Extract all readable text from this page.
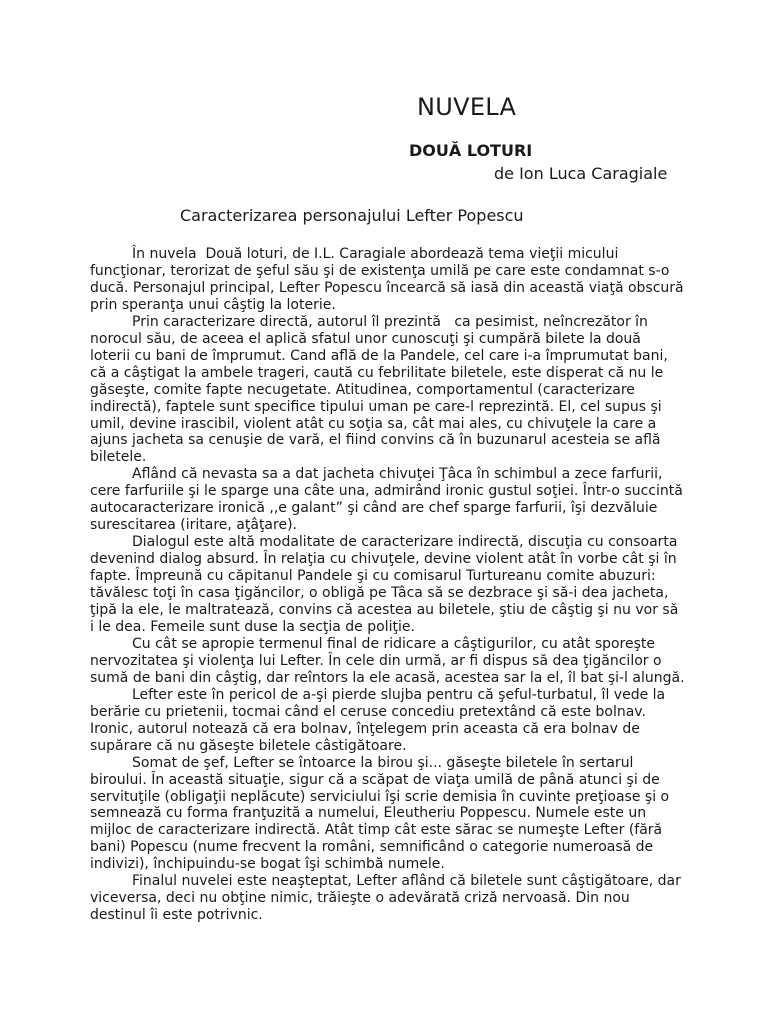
NUVELA
DOUĂ LOTURI

de Ion Luca Caragiale

Caracterizarea personajului Lefter Popescu
În nuvela  Două loturi, de I.L. Caragiale abordează tema vieţii micului
funcţionar, terorizat de şeful său şi de existenţa umilă pe care este condamnat s-o
ducă. Personajul principal, Lefter Popescu încearcă să iasă din această viaţă obscură
prin speranţa unui câştig la loterie.
Prin caracterizare directă, autorul îl prezintă   ca pesimist, neîncrezător în
norocul său, de aceea el aplică sfatul unor cunoscuţi şi cumpără bilete la două
loterii cu bani de împrumut. Cand află de la Pandele, cel care i-a împrumutat bani,
că a câştigat la ambele trageri, caută cu febrilitate biletele, este disperat că nu le
găseşte, comite fapte necugetate. Atitudinea, comportamentul (caracterizare
indirectă), faptele sunt specifice tipului uman pe care-l reprezintă. El, cel supus şi
umil, devine irascibil, violent atât cu soţia sa, cât mai ales, cu chivuţele la care a
ajuns jacheta sa cenuşie de vară, el fiind convins că în buzunarul acesteia se află
biletele.
Aflând că nevasta sa a dat jacheta chivuţei Ţâca în schimbul a zece farfurii,
cere farfuriile şi le sparge una câte una, admirând ironic gustul soţiei. Într-o succintă
autocaracterizare ironică ,,e galant” şi când are chef sparge farfurii, îşi dezvăluie
surescitarea (iritare, aţâţare).
Dialogul este altă modalitate de caracterizare indirectă, discuţia cu consoarta
devenind dialog absurd. În relaţia cu chivuţele, devine violent atât în vorbe cât şi în
fapte. Împreună cu căpitanul Pandele şi cu comisarul Turtureanu comite abuzuri:
tăvălesc toţi în casa ţigăncilor, o obligă pe Tâca să se dezbrace şi să-i dea jacheta,
ţipă la ele, le maltratează, convins că acestea au biletele, ştiu de câştig şi nu vor să
i le dea. Femeile sunt duse la secţia de poliţie.
Cu cât se apropie termenul final de ridicare a câştigurilor, cu atât sporeşte
nervozitatea şi violenţa lui Lefter. În cele din urmă, ar fi dispus să dea ţigăncilor o
sumă de bani din câştig, dar reîntors la ele acasă, acestea sar la el, îl bat şi-l alungă.
Lefter este în pericol de a-şi pierde slujba pentru că şeful-turbatul, îl vede la
berărie cu prietenii, tocmai când el ceruse concediu pretextând că este bolnav.
Ironic, autorul notează că era bolnav, înţelegem prin aceasta că era bolnav de
supărare că nu găseşte biletele câstigătoare.
Somat de şef, Lefter se întoarce la birou şi... găseşte biletele în sertarul
biroului. În această situaţie, sigur că a scăpat de viaţa umilă de până atunci şi de
servituţile (obligaţii neplăcute) serviciului îşi scrie demisia în cuvinte preţioase şi o
semnează cu forma franţuzită a numelui, Eleutheriu Poppescu. Numele este un
mijloc de caracterizare indirectă. Atât timp cât este sărac se numeşte Lefter (fără
bani) Popescu (nume frecvent la români, semnificând o categorie numeroasă de
indivizi), închipuindu-se bogat îşi schimbă numele.
Finalul nuvelei este neaşteptat, Lefter aflând că biletele sunt câştigătoare, dar
viceversa, deci nu obţine nimic, trăieşte o adevărată criză nervoasă. Din nou
destinul îi este potrivnic.
